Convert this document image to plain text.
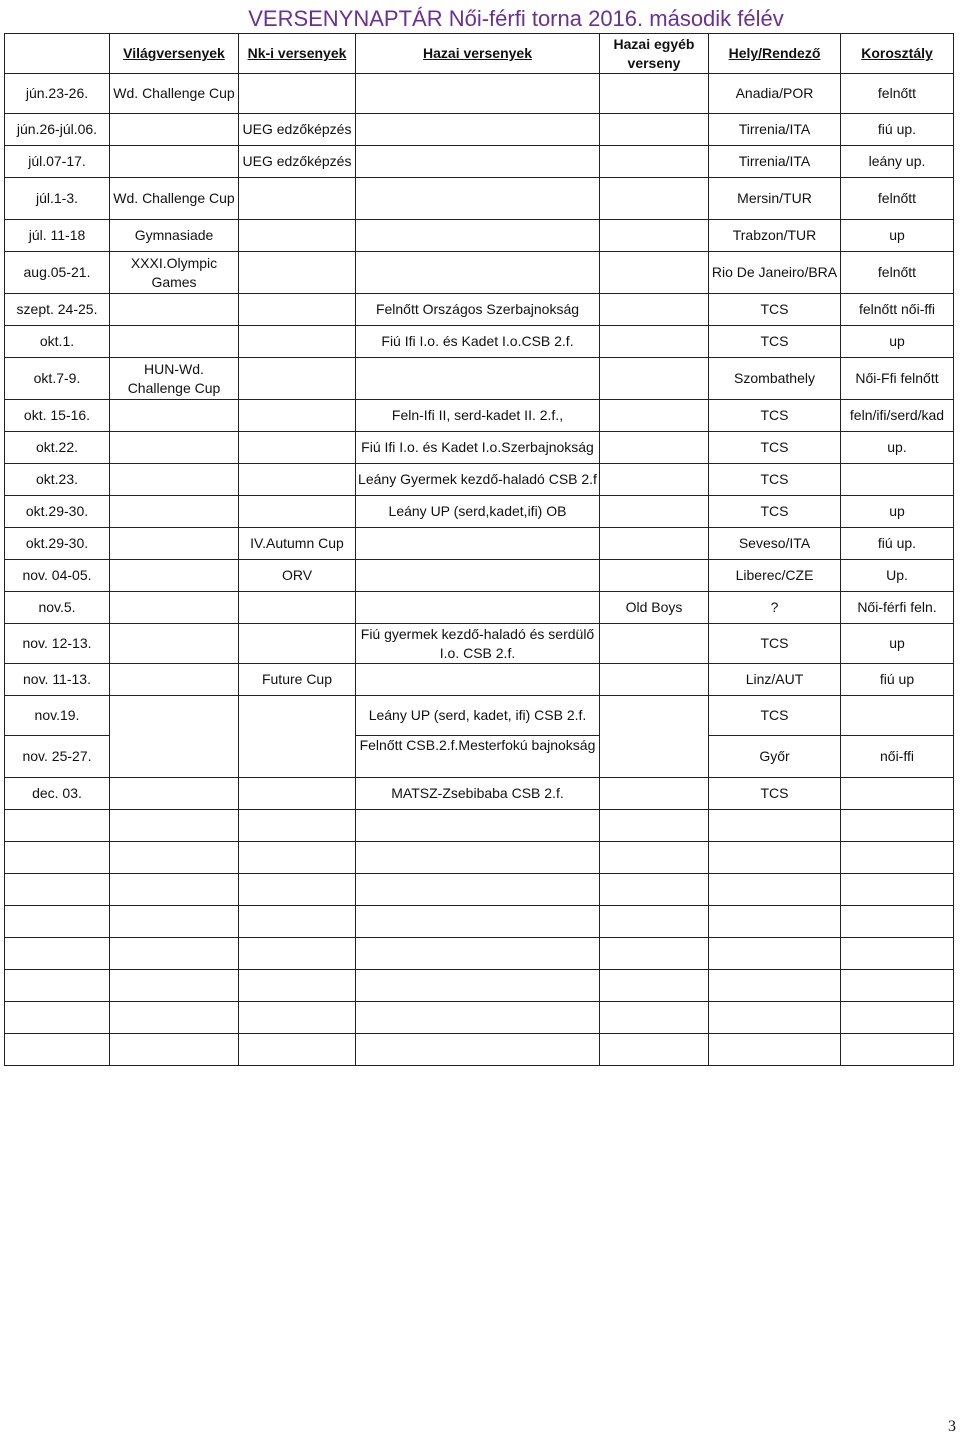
VERSENYNAPTÁR Női-férfi torna 2016. második félév
	Világversenyek	Nk-i versenyek	Hazai versenyek	Hazai egyéb verseny	Hely/Rendező	Korosztály
jún.23-26.	Wd. Challenge Cup				Anadia/POR	felnőtt
jún.26-júl.06.		UEG edzőképzés			Tirrenia/ITA	fiú up.
júl.07-17.		UEG edzőképzés			Tirrenia/ITA	leány up.
júl.1-3.	Wd. Challenge Cup				Mersin/TUR	felnőtt
júl. 11-18	Gymnasiade				Trabzon/TUR	up
aug.05-21.	XXXI.Olympic Games				Rio De Janeiro/BRA	felnőtt
szept. 24-25.			Felnőtt Országos Szerbajnokság		TCS	felnőtt női-ffi
okt.1.			Fiú Ifi I.o. és Kadet I.o.CSB 2.f.		TCS	up
okt.7-9.	HUN-Wd. Challenge Cup				Szombathely	Női-Ffi felnőtt
okt. 15-16.			Feln-Ifi II, serd-kadet II. 2.f.,		TCS	feln/ifi/serd/kad
okt.22.			Fiú Ifi I.o. és Kadet I.o.Szerbajnokság		TCS	up.
okt.23.			Leány Gyermek kezdő-haladó CSB 2.f		TCS	
okt.29-30.			Leány UP (serd,kadet,ifi) OB		TCS	up
okt.29-30.		IV.Autumn Cup			Seveso/ITA	fiú up.
nov. 04-05.		ORV			Liberec/CZE	Up.
nov.5.				Old Boys	?	Női-férfi feln.
nov. 12-13.			Fiú gyermek kezdő-haladó és serdülő I.o. CSB 2.f.		TCS	up
nov. 11-13.		Future Cup			Linz/AUT	fiú up
nov.19.			Leány UP (serd, kadet, ifi) CSB 2.f.		TCS	
nov. 25-27.			Felnőtt CSB.2.f.Mesterfokú bajnokság		Győr	női-ffi
dec. 03.			MATSZ-Zsebibaba CSB 2.f.		TCS	

3
